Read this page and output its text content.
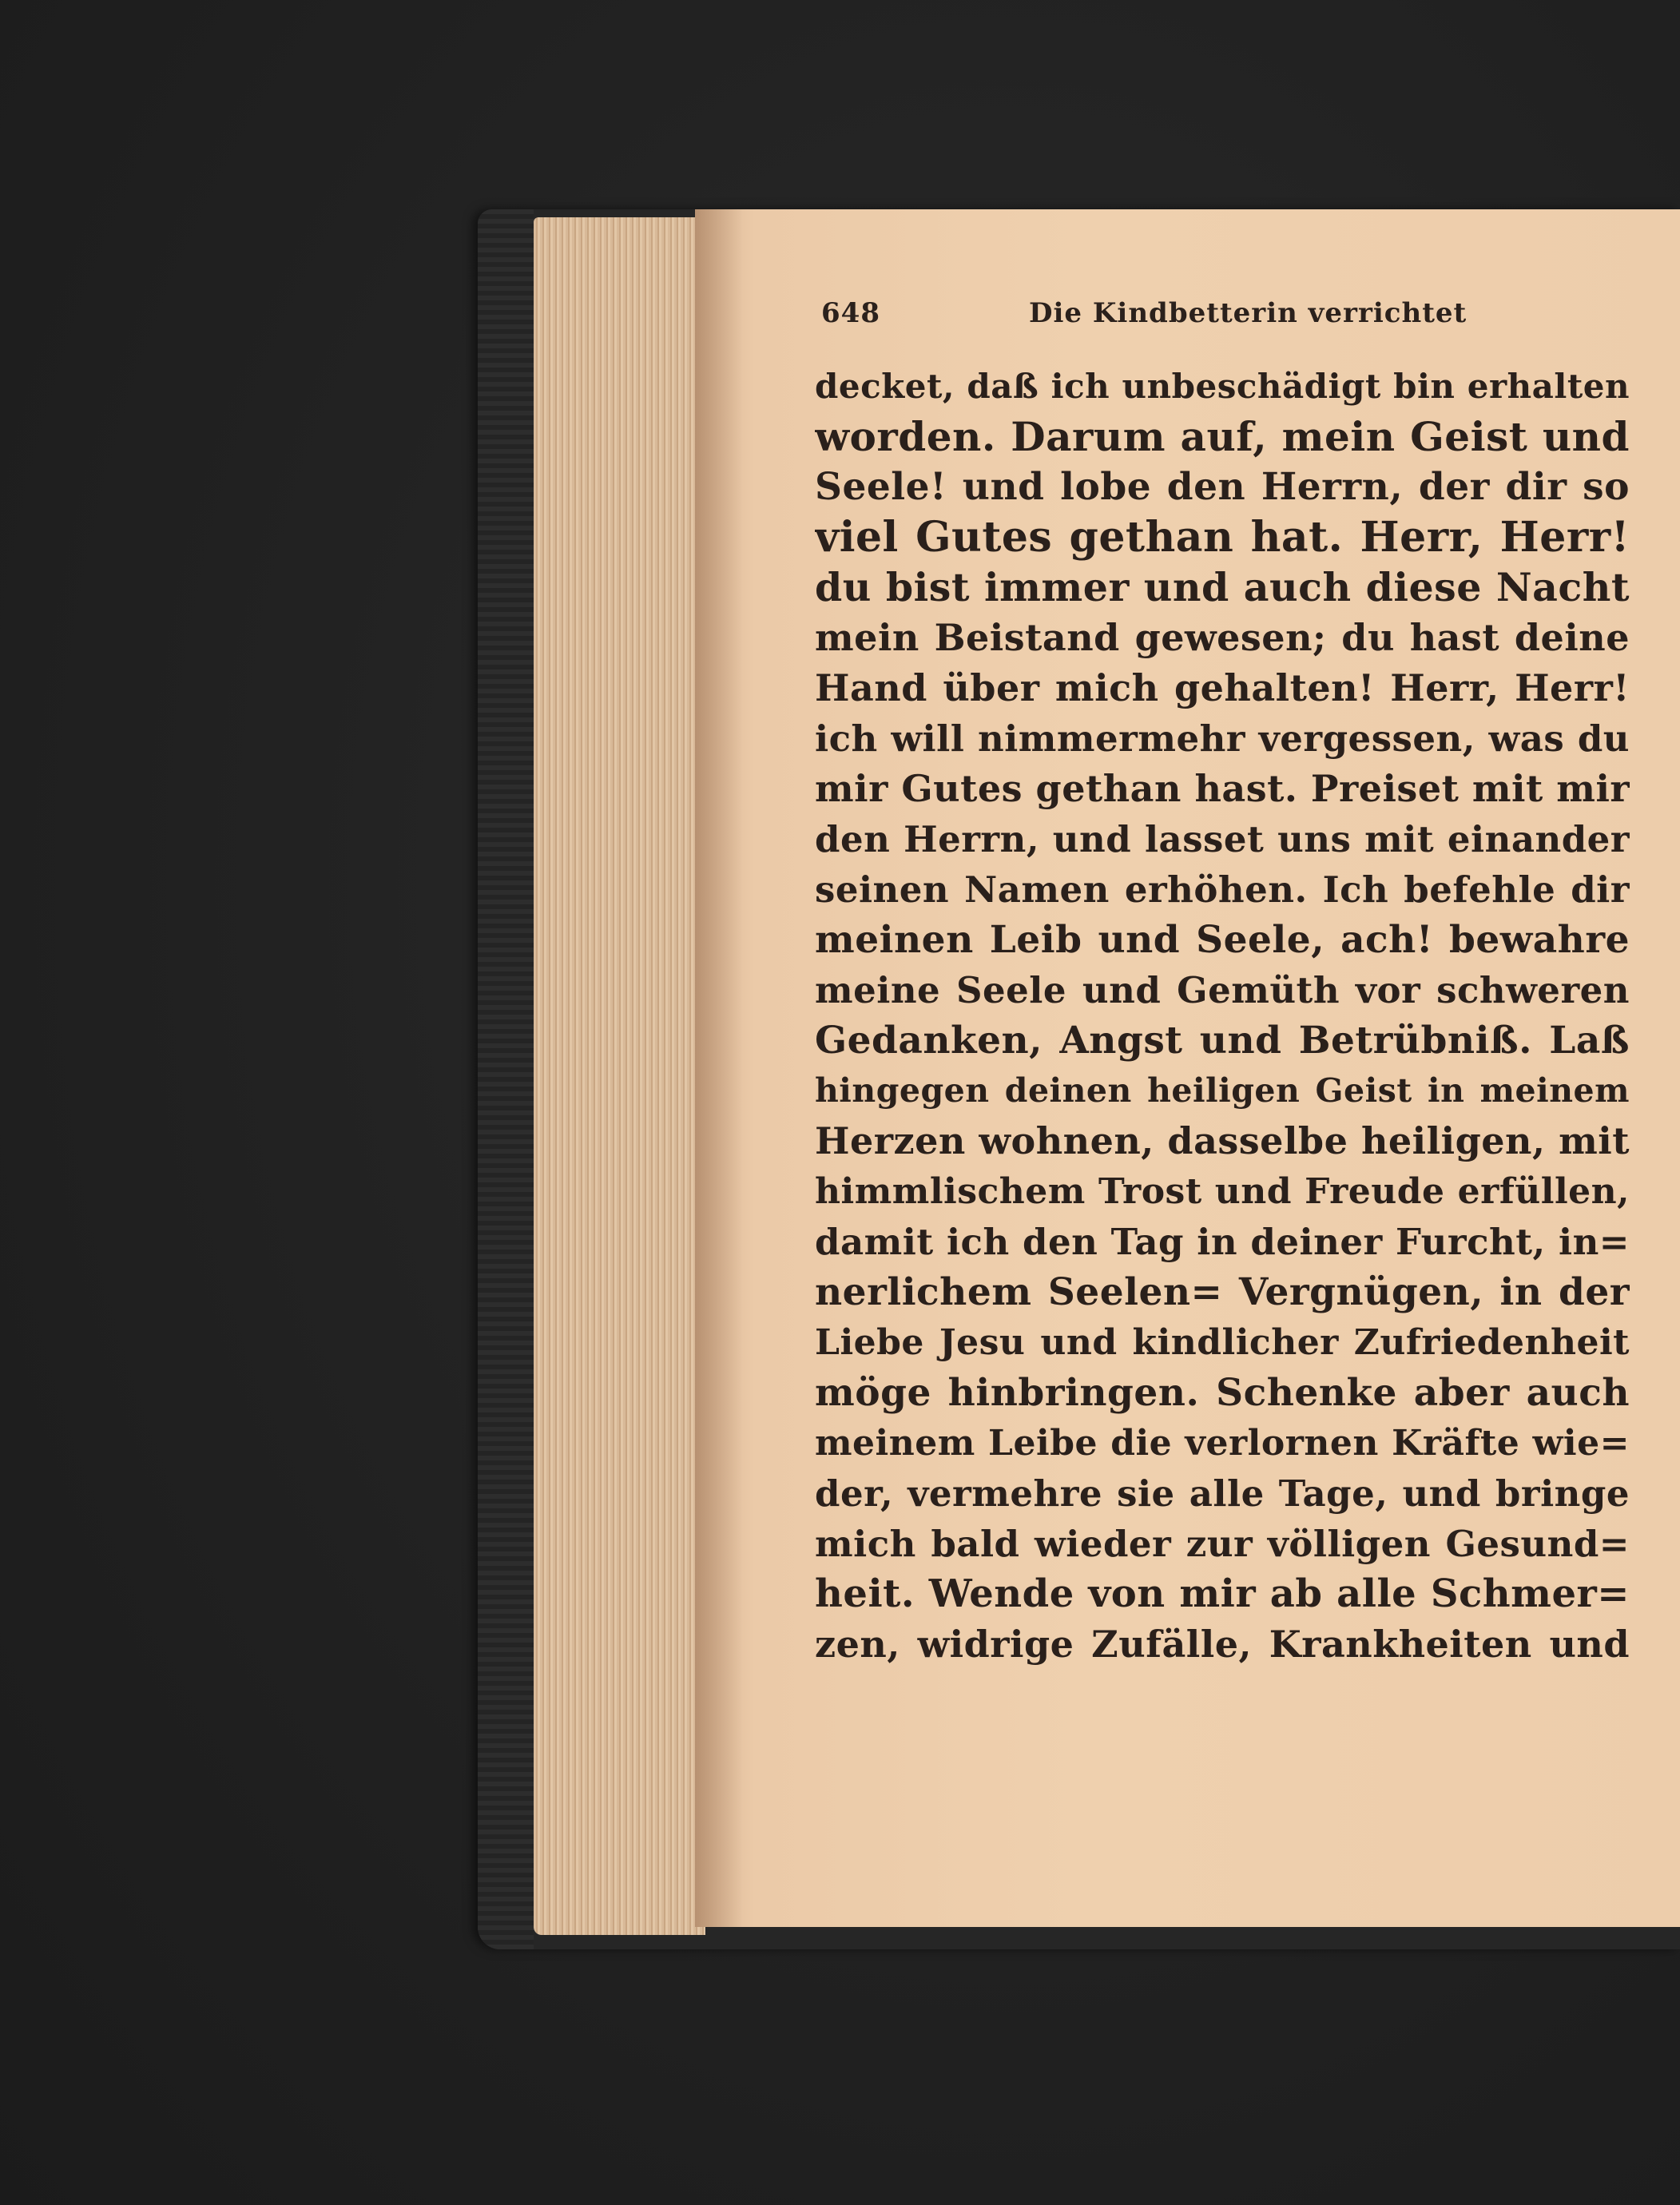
648	Die Kindbetterin verrichtet
decket, daß ich unbeschädigt bin erhalten
worden. Darum auf, mein Geist und
Seele! und lobe den Herrn, der dir so
viel Gutes gethan hat. Herr, Herr!
du bist immer und auch diese Nacht
mein Beistand gewesen; du hast deine
Hand über mich gehalten! Herr, Herr!
ich will nimmermehr vergessen, was du
mir Gutes gethan hast. Preiset mit mir
den Herrn, und lasset uns mit einander
seinen Namen erhöhen. Ich befehle dir
meinen Leib und Seele, ach! bewahre
meine Seele und Gemüth vor schweren
Gedanken, Angst und Betrübniß. Laß
hingegen deinen heiligen Geist in meinem
Herzen wohnen, dasselbe heiligen, mit
himmlischem Trost und Freude erfüllen,
damit ich den Tag in deiner Furcht, in=
nerlichem Seelen= Vergnügen, in der
Liebe Jesu und kindlicher Zufriedenheit
möge hinbringen. Schenke aber auch
meinem Leibe die verlornen Kräfte wie=
der, vermehre sie alle Tage, und bringe
mich bald wieder zur völligen Gesund=
heit. Wende von mir ab alle Schmer=
zen, widrige Zufälle, Krankheiten und
